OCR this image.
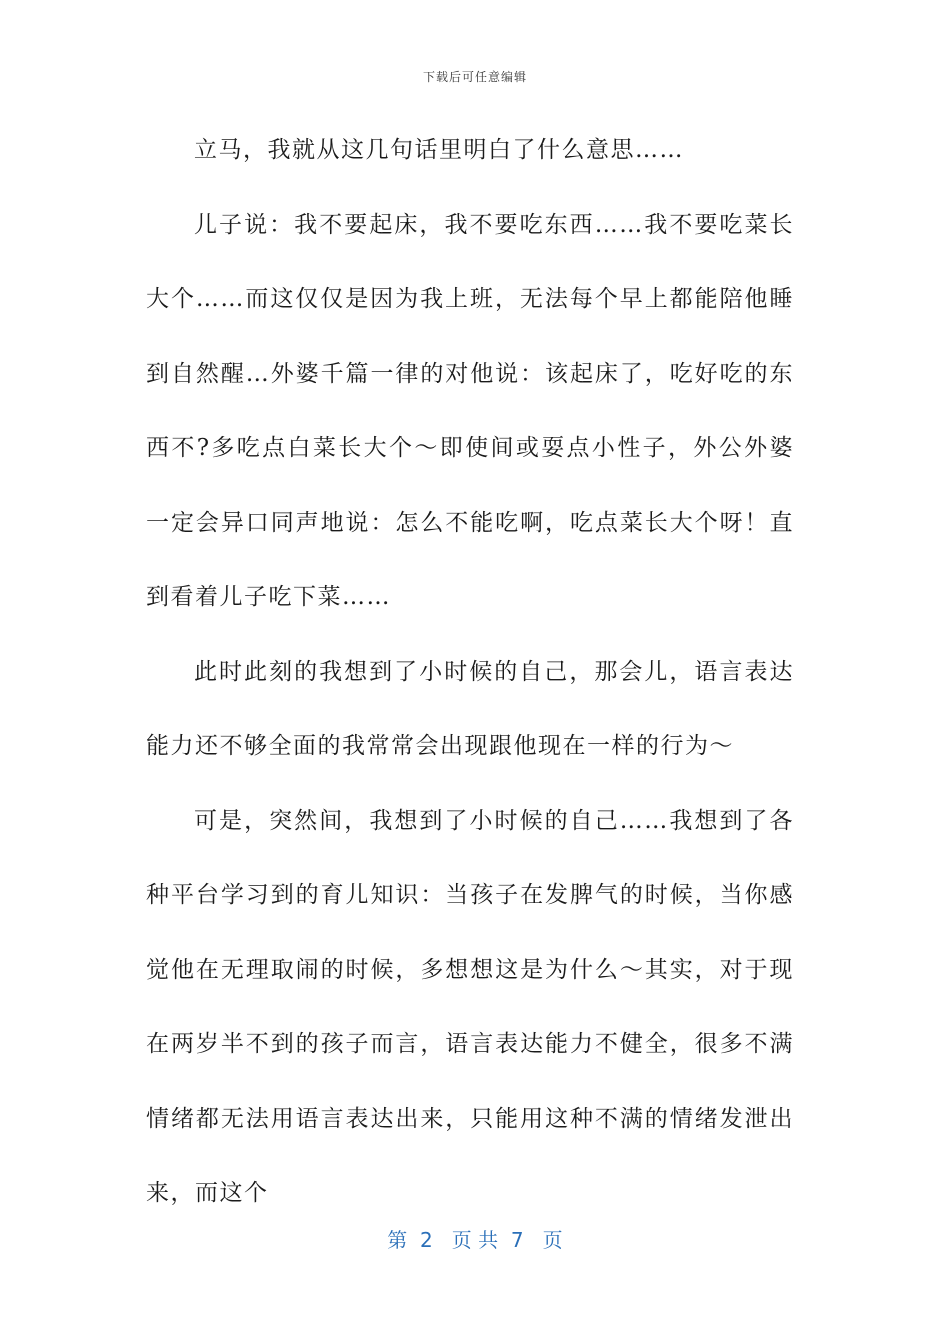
下载后可任意编辑

立马，我就从这几句话里明白了什么意思……

儿子说：我不要起床，我不要吃东西……我不要吃菜长大个……而这仅仅是因为我上班，无法每个早上都能陪他睡到自然醒…外婆千篇一律的对他说：该起床了，吃好吃的东西不?多吃点白菜长大个～即使间或耍点小性子，外公外婆一定会异口同声地说：怎么不能吃啊，吃点菜长大个呀！直到看着儿子吃下菜……

此时此刻的我想到了小时候的自己，那会儿，语言表达能力还不够全面的我常常会出现跟他现在一样的行为～

可是，突然间，我想到了小时候的自己……我想到了各种平台学习到的育儿知识：当孩子在发脾气的时候，当你感觉他在无理取闹的时候，多想想这是为什么～其实，对于现在两岁半不到的孩子而言，语言表达能力不健全，很多不满情绪都无法用语言表达出来，只能用这种不满的情绪发泄出来，而这个

第  2   页 共  7   页
